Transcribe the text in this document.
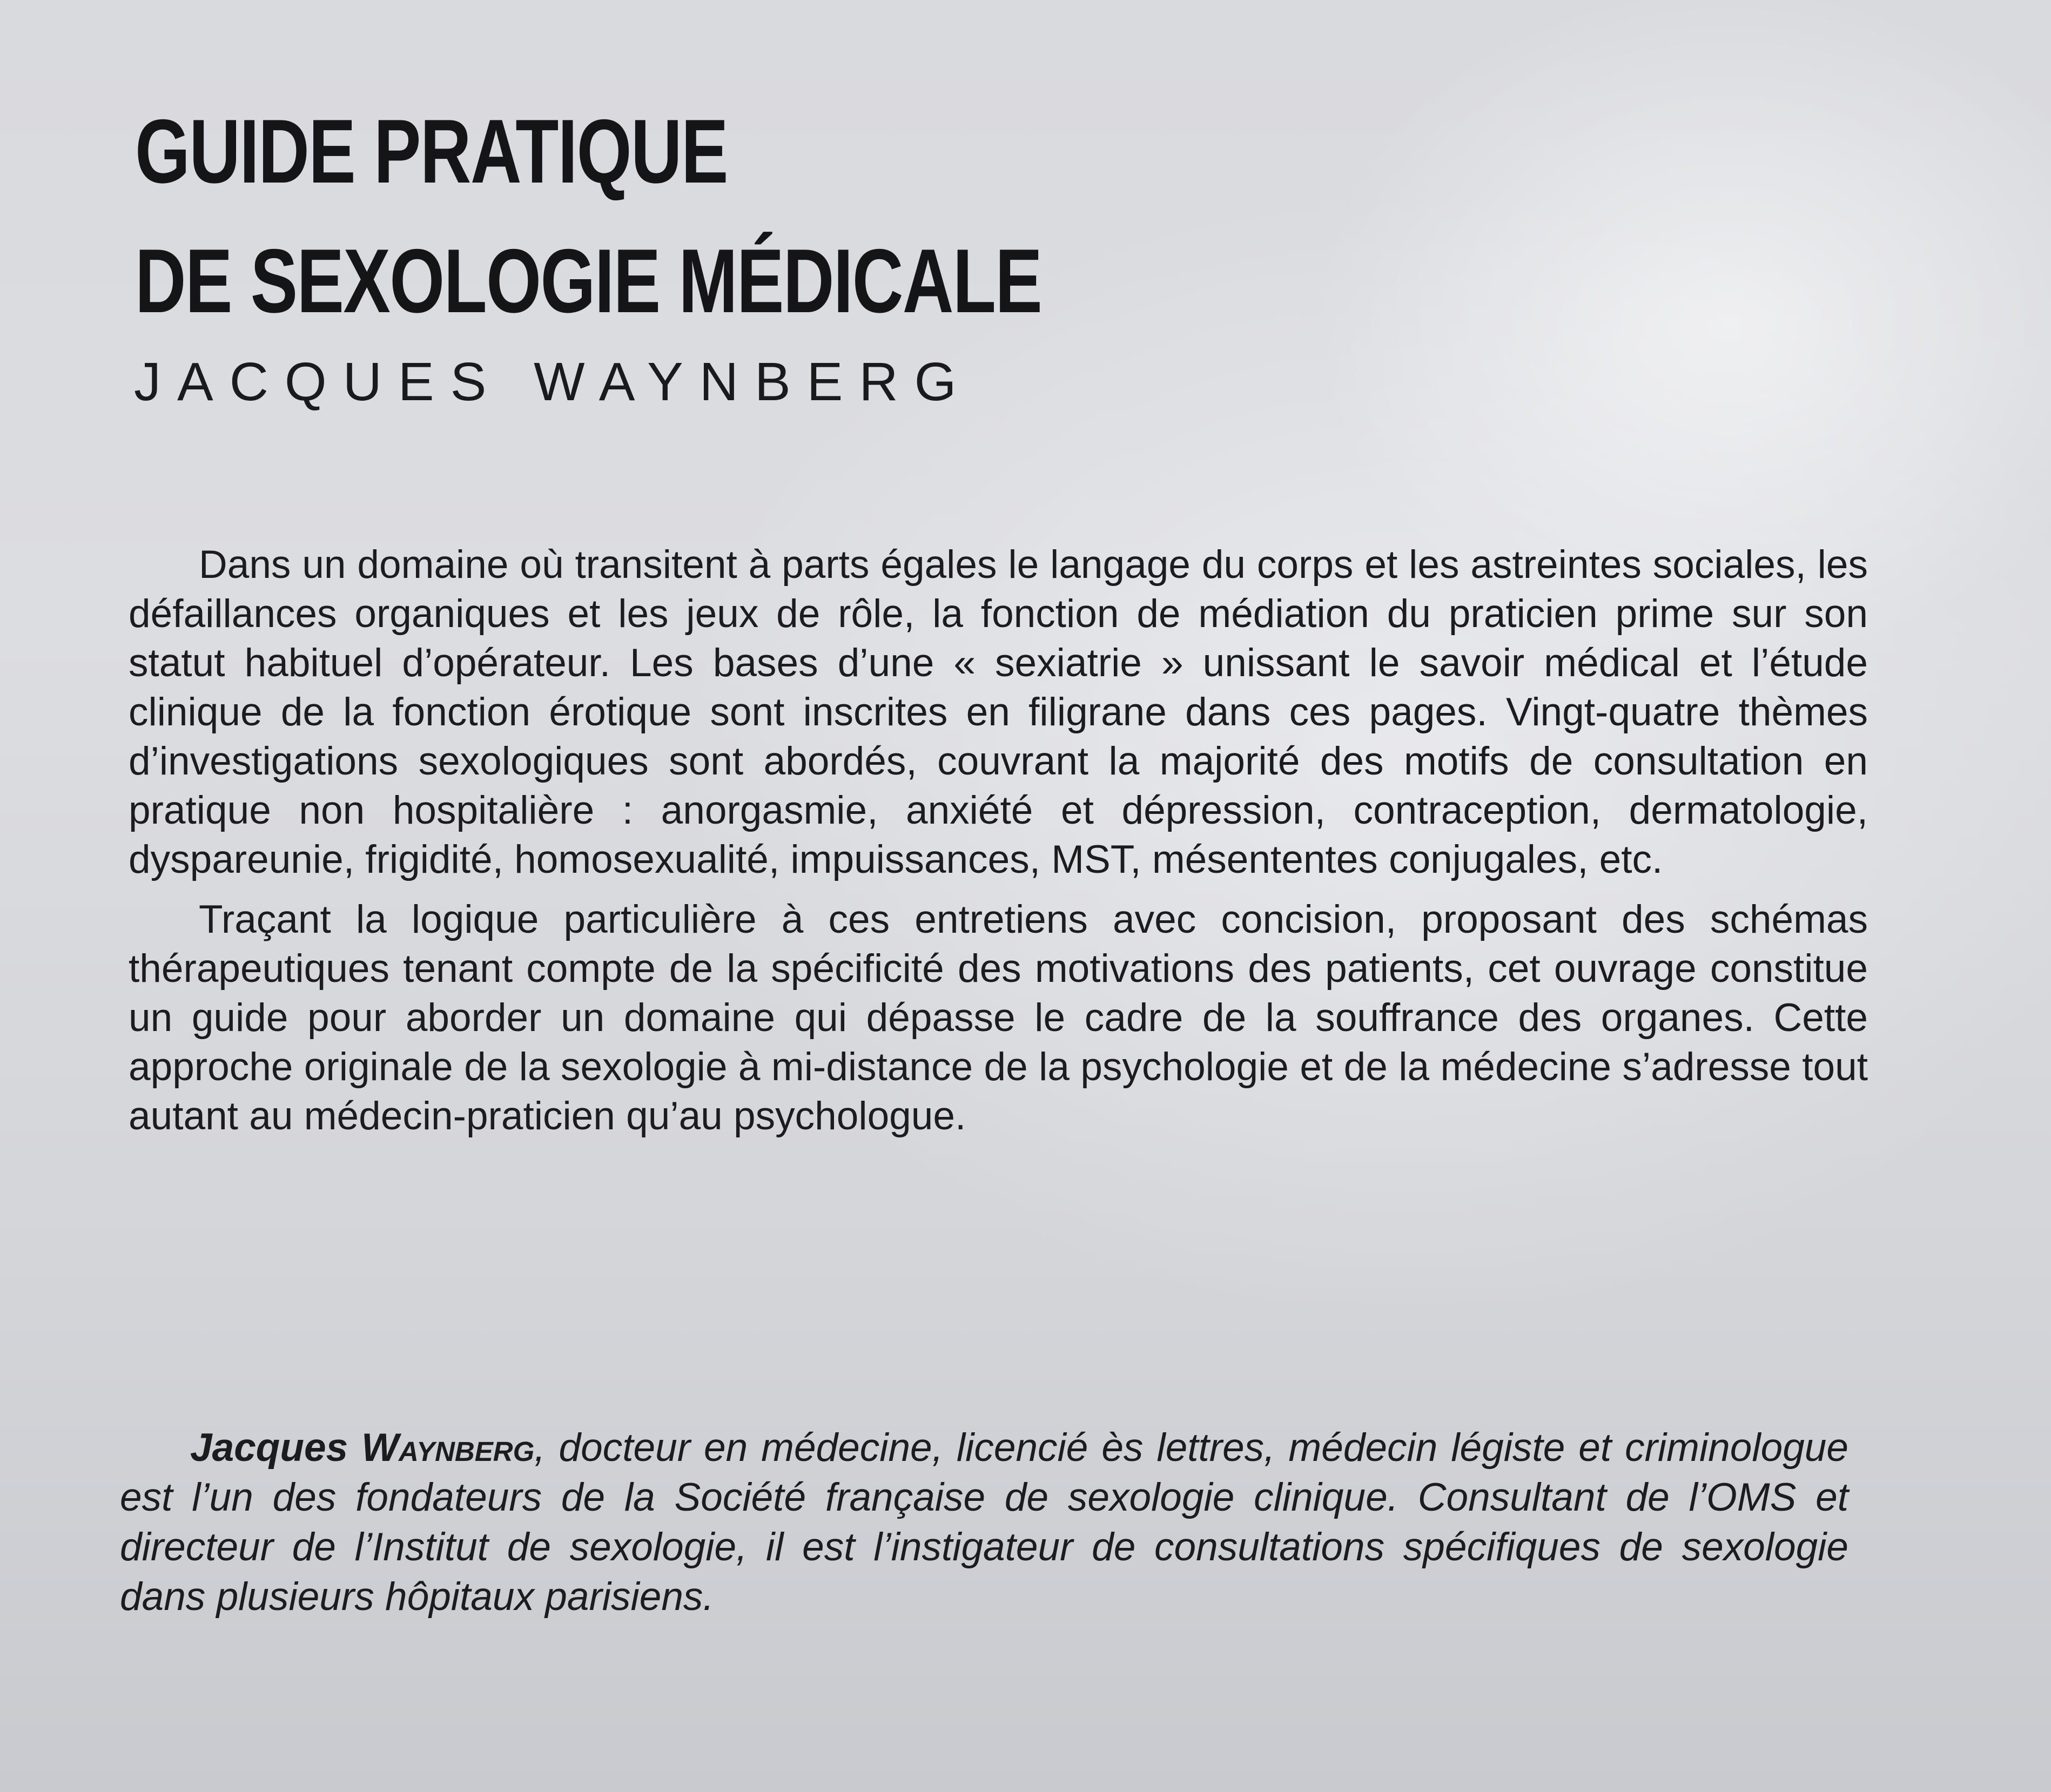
GUIDE PRATIQUE
DE SEXOLOGIE MÉDICALE

JACQUES WAYNBERG

Dans un domaine où transitent à parts égales le langage du corps et les astreintes sociales, les défaillances organiques et les jeux de rôle, la fonction de médiation du praticien prime sur son statut habituel d’opérateur. Les bases d’une « sexiatrie » unissant le savoir médical et l’étude clinique de la fonction érotique sont inscrites en filigrane dans ces pages. Vingt-quatre thèmes d’investigations sexologiques sont abordés, couvrant la majorité des motifs de consultation en pratique non hospitalière : anorgasmie, anxiété et dépression, contraception, dermatologie, dyspareunie, frigidité, homosexualité, impuissances, MST, mésententes conjugales, etc.

Traçant la logique particulière à ces entretiens avec concision, proposant des schémas thérapeutiques tenant compte de la spécificité des motivations des patients, cet ouvrage constitue un guide pour aborder un domaine qui dépasse le cadre de la souffrance des organes. Cette approche originale de la sexologie à mi-distance de la psychologie et de la médecine s’adresse tout autant au médecin-praticien qu’au psychologue.

Jacques Waynberg, docteur en médecine, licencié ès lettres, médecin légiste et criminologue est l’un des fondateurs de la Société française de sexologie clinique. Consultant de l’OMS et directeur de l’Institut de sexologie, il est l’instigateur de consultations spécifiques de sexologie dans plusieurs hôpitaux parisiens.
